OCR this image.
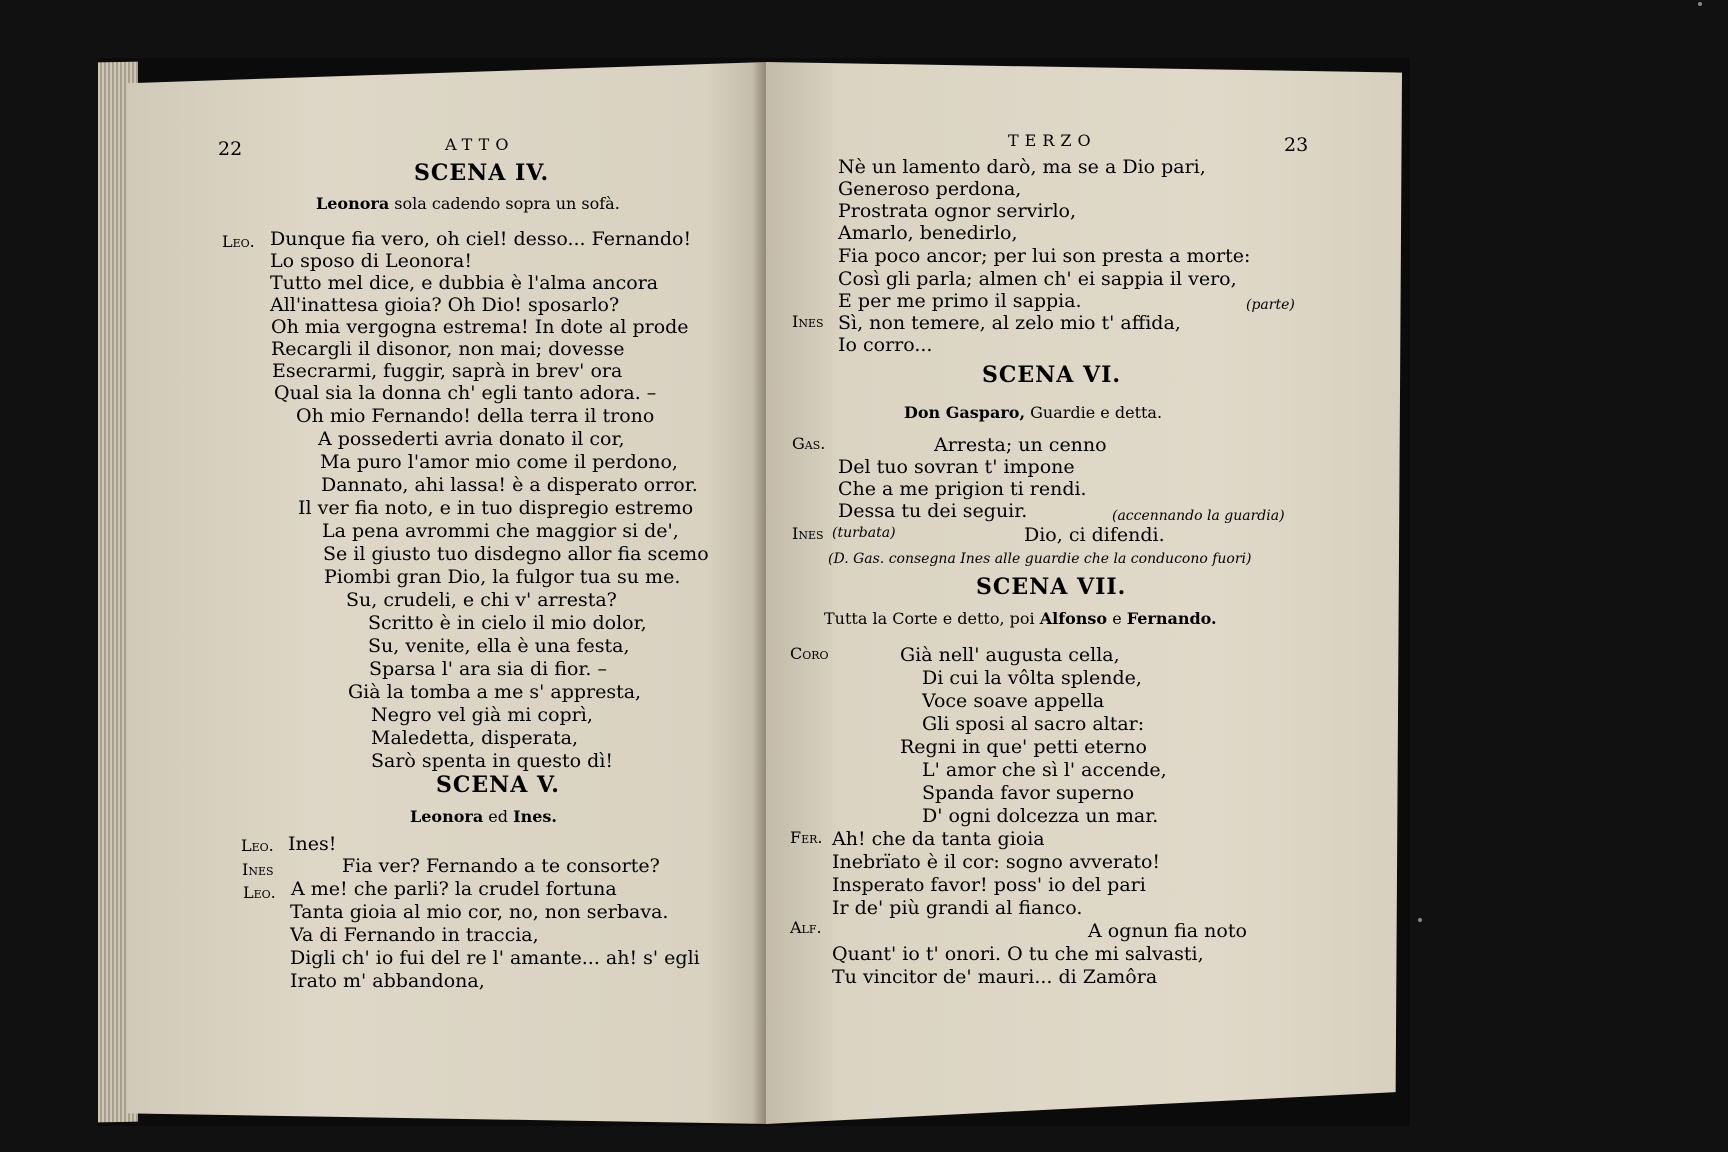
22	ATTO
SCENA IV.
Leonora sola cadendo sopra un sofà.
Leo. Dunque fia vero, oh ciel! desso... Fernando!
Lo sposo di Leonora!
Tutto mel dice, e dubbia è l'alma ancora
All'inattesa gioia? Oh Dio! sposarlo?
Oh mia vergogna estrema! In dote al prode
Recargli il disonor, non mai; dovesse
Esecrarmi, fuggir, saprà in brev' ora
Qual sia la donna ch' egli tanto adora. –
Oh mio Fernando! della terra il trono
A possederti avria donato il cor,
Ma puro l'amor mio come il perdono,
Dannato, ahi lassa! è a disperato orror.
Il ver fia noto, e in tuo dispregio estremo
La pena avrommi che maggior si de',
Se il giusto tuo disdegno allor fia scemo
Piombi gran Dio, la fulgor tua su me.
Su, crudeli, e chi v' arresta?
Scritto è in cielo il mio dolor,
Su, venite, ella è una festa,
Sparsa l' ara sia di fior. –
Già la tomba a me s' appresta,
Negro vel già mi coprì,
Maledetta, disperata,
Sarò spenta in questo dì!
SCENA V.
Leonora ed Ines.
Leo. Ines!
Ines	Fia ver? Fernando a te consorte?
Leo. A me! che parli? la crudel fortuna
Tanta gioia al mio cor, no, non serbava.
Va di Fernando in traccia,
Digli ch' io fui del re l' amante... ah! s' egli
Irato m' abbandona,
TERZO	23
Nè un lamento darò, ma se a Dio pari,
Generoso perdona,
Prostrata ognor servirlo,
Amarlo, benedirlo,
Fia poco ancor; per lui son presta a morte:
Così gli parla; almen ch' ei sappia il vero,
E per me primo il sappia.	(parte)
Ines Sì, non temere, al zelo mio t' affida,
Io corro...
SCENA VI.
Don Gasparo, Guardie e detta.
Gas.	Arresta; un cenno
Del tuo sovran t' impone
Che a me prigion ti rendi.
Dessa tu dei seguir.	(accennando la guardia)
Ines (turbata)	Dio, ci difendi.
(D. Gas. consegna Ines alle guardie che la conducono fuori)
SCENA VII.
Tutta la Corte e detto, poi Alfonso e Fernando.
Coro	Già nell' augusta cella,
Di cui la vôlta splende,
Voce soave appella
Gli sposi al sacro altar:
Regni in que' petti eterno
L' amor che sì l' accende,
Spanda favor superno
D' ogni dolcezza un mar.
Fer. Ah! che da tanta gioia
Inebrïato è il cor: sogno avverato!
Insperato favor! poss' io del pari
Ir de' più grandi al fianco.
Alf.	A ognun fia noto
Quant' io t' onori. O tu che mi salvasti,
Tu vincitor de' mauri... di Zamôra
